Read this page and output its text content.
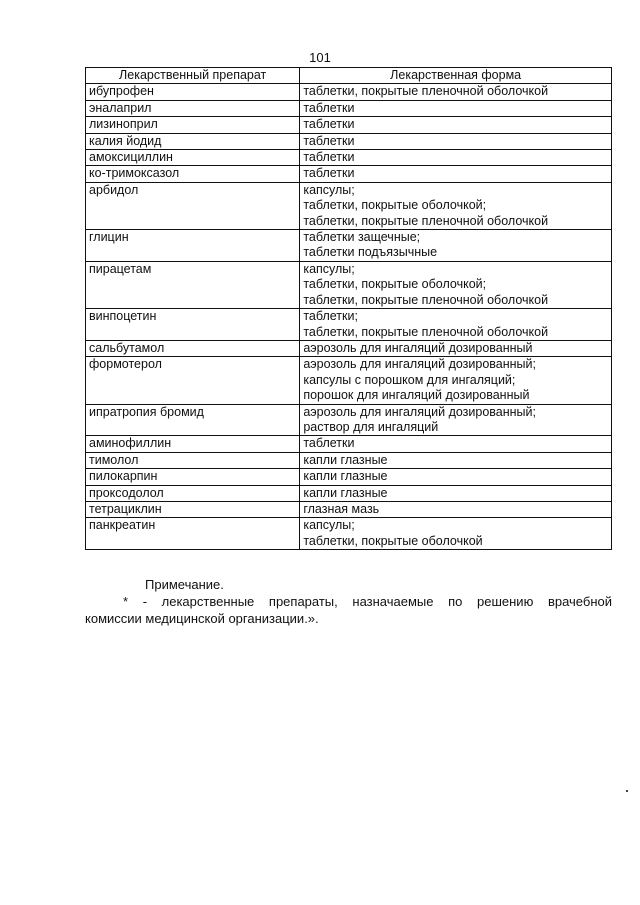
101
Лекарственный препарат	Лекарственная форма
ибупрофен	таблетки, покрытые пленочной оболочкой

эналаприл	таблетки

лизиноприл	таблетки

калия йодид	таблетки

амоксициллин	таблетки

ко-тримоксазол	таблетки

арбидол	капсулы;
таблетки, покрытые оболочкой;
таблетки, покрытые пленочной оболочкой

глицин	таблетки защечные;
таблетки подъязычные

пирацетам	капсулы;
таблетки, покрытые оболочкой;
таблетки, покрытые пленочной оболочкой

винпоцетин	таблетки;
таблетки, покрытые пленочной оболочкой

сальбутамол	аэрозоль для ингаляций дозированный

формотерол	аэрозоль для ингаляций дозированный;
капсулы с порошком для ингаляций;
порошок для ингаляций дозированный

ипратропия бромид	аэрозоль для ингаляций дозированный;
раствор для ингаляций

аминофиллин	таблетки

тимолол	капли глазные

пилокарпин	капли глазные

проксодолол	капли глазные

тетрациклин	глазная мазь

панкреатин	капсулы;
таблетки, покрытые оболочкой
Примечание.
* - лекарственные препараты, назначаемые по решению врачебной
комиссии медицинской организации.».
